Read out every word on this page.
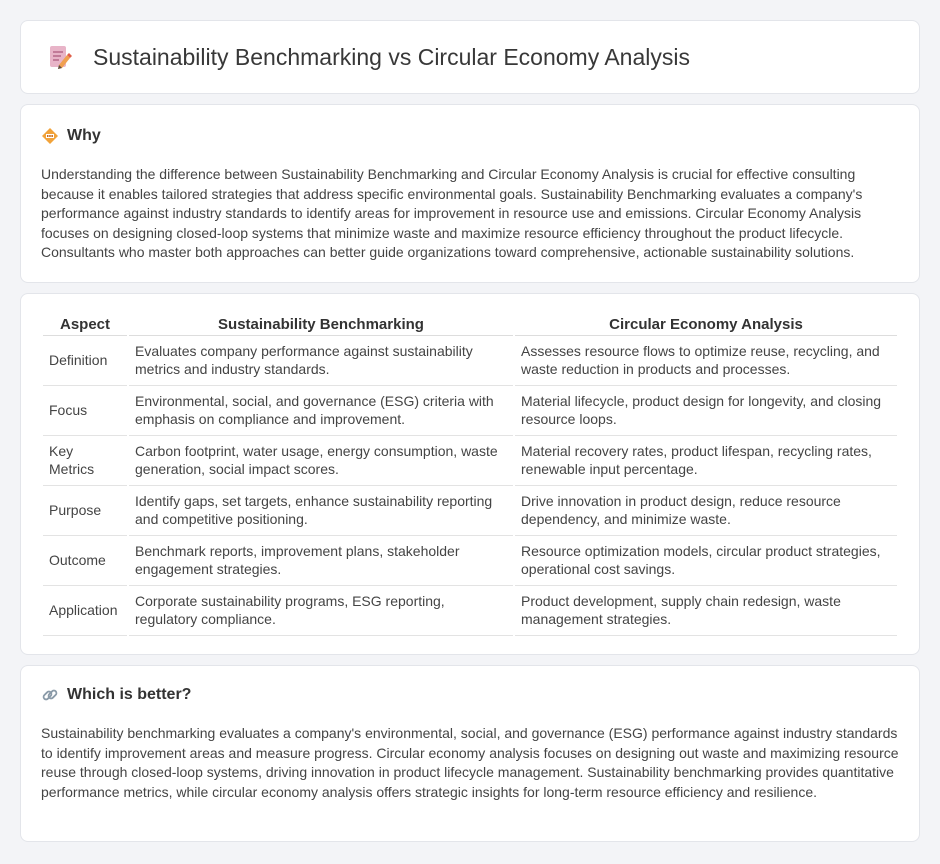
Sustainability Benchmarking vs Circular Economy Analysis
Why

Understanding the difference between Sustainability Benchmarking and Circular Economy Analysis is crucial for effective consulting because it enables tailored strategies that address specific environmental goals. Sustainability Benchmarking evaluates a company's performance against industry standards to identify areas for improvement in resource use and emissions. Circular Economy Analysis focuses on designing closed-loop systems that minimize waste and maximize resource efficiency throughout the product lifecycle. Consultants who master both approaches can better guide organizations toward comprehensive, actionable sustainability solutions.

Aspect	Sustainability Benchmarking	Circular Economy Analysis
Definition	Evaluates company performance against sustainability metrics and industry standards.	Assesses resource flows to optimize reuse, recycling, and waste reduction in products and processes.
Focus	Environmental, social, and governance (ESG) criteria with emphasis on compliance and improvement.	Material lifecycle, product design for longevity, and closing resource loops.
Key Metrics	Carbon footprint, water usage, energy consumption, waste generation, social impact scores.	Material recovery rates, product lifespan, recycling rates, renewable input percentage.
Purpose	Identify gaps, set targets, enhance sustainability reporting and competitive positioning.	Drive innovation in product design, reduce resource dependency, and minimize waste.
Outcome	Benchmark reports, improvement plans, stakeholder engagement strategies.	Resource optimization models, circular product strategies, operational cost savings.
Application	Corporate sustainability programs, ESG reporting, regulatory compliance.	Product development, supply chain redesign, waste management strategies.
Which is better?

Sustainability benchmarking evaluates a company's environmental, social, and governance (ESG) performance against industry standards to identify improvement areas and measure progress. Circular economy analysis focuses on designing out waste and maximizing resource reuse through closed-loop systems, driving innovation in product lifecycle management. Sustainability benchmarking provides quantitative performance metrics, while circular economy analysis offers strategic insights for long-term resource efficiency and resilience.
